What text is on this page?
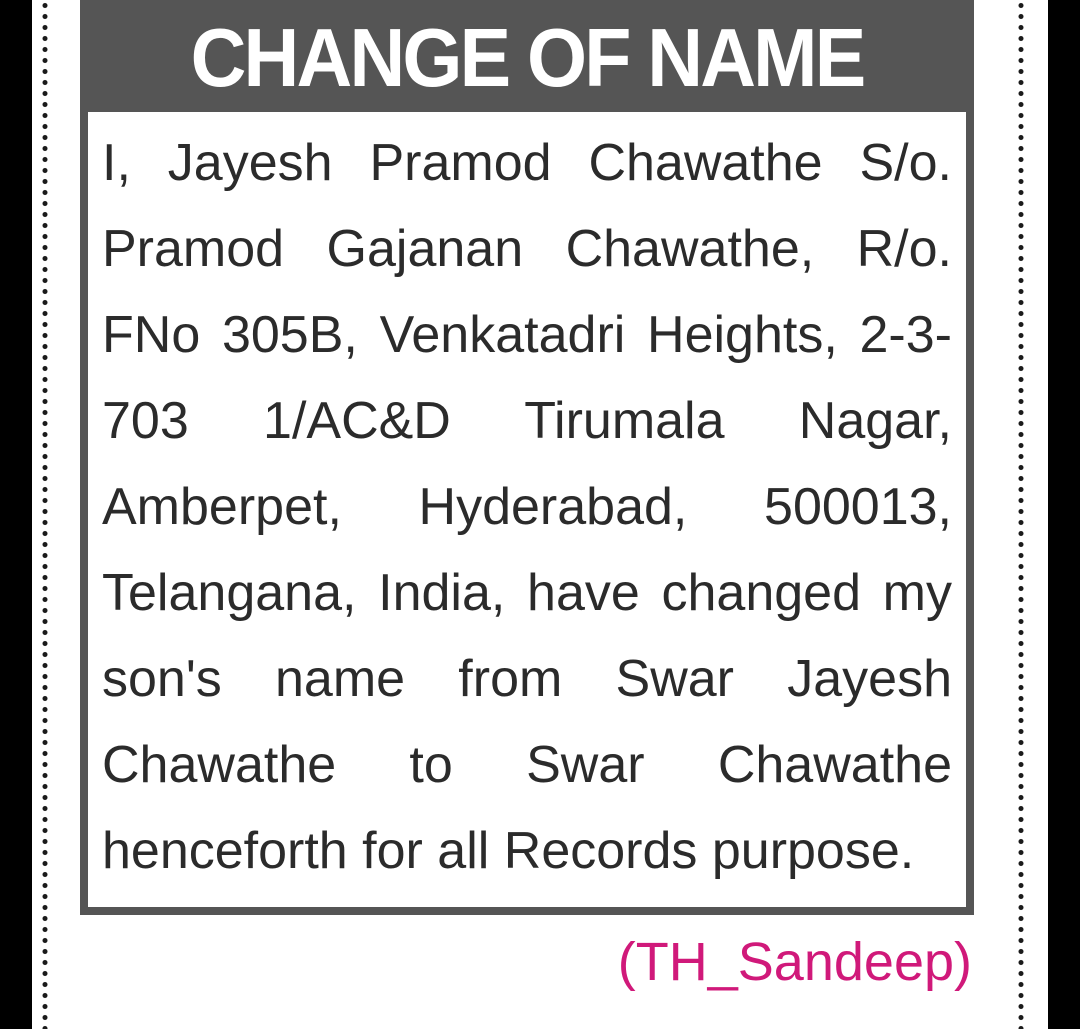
CHANGE OF NAME
I, Jayesh Pramod Chawathe S/o.
Pramod Gajanan Chawathe, R/o.
FNo 305B, Venkatadri Heights, 2-3-
703 1/AC&D Tirumala Nagar,
Amberpet, Hyderabad, 500013,
Telangana, India, have changed my
son's name from Swar Jayesh
Chawathe to Swar Chawathe
henceforth for all Records purpose.
(TH_Sandeep)
